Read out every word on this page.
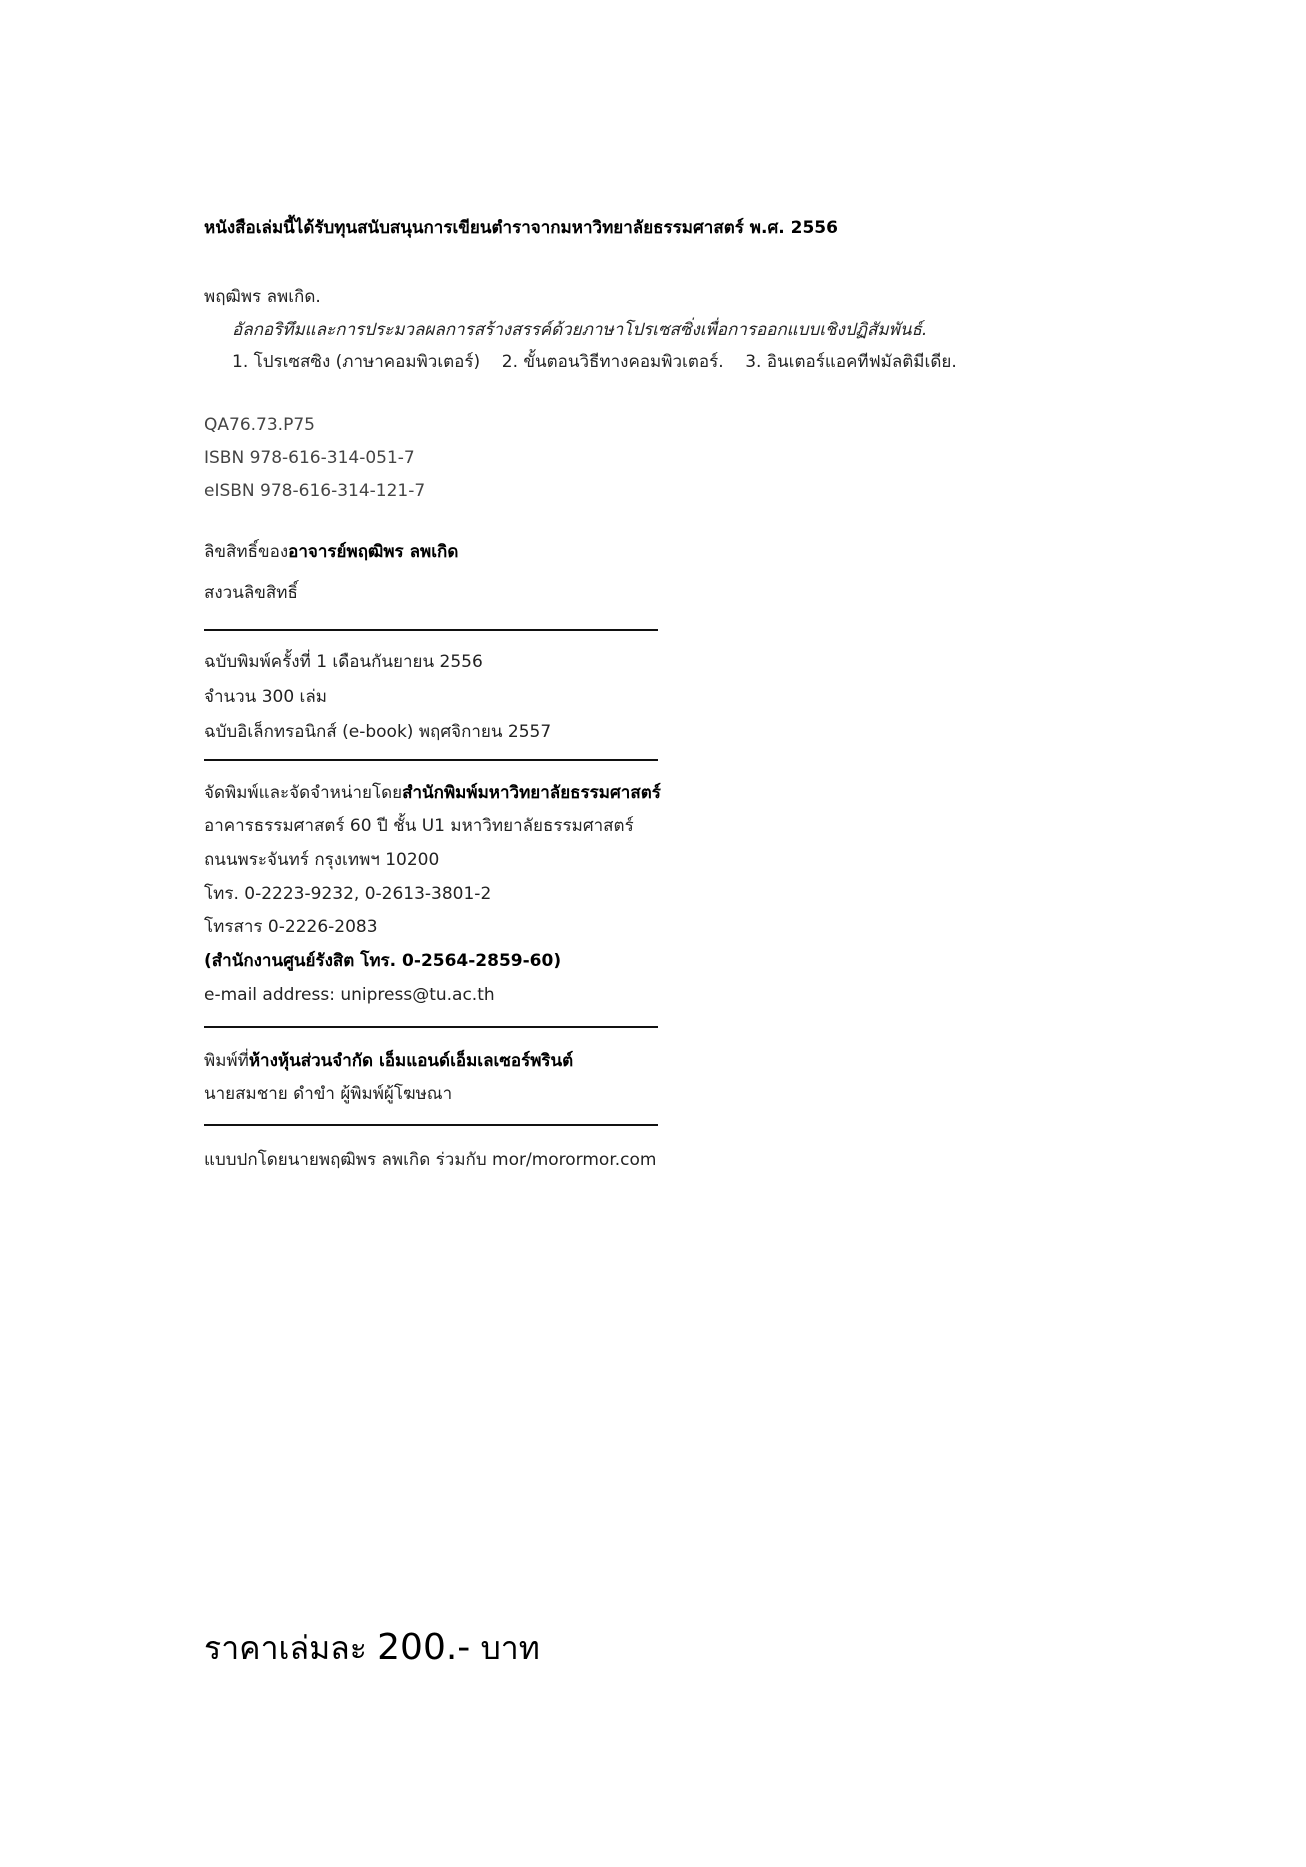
หนังสือเล่มนี้ได้รับทุนสนับสนุนการเขียนตำราจากมหาวิทยาลัยธรรมศาสตร์ พ.ศ. 2556
พฤฒิพร ลพเกิด.
อัลกอริทึมและการประมวลผลการสร้างสรรค์ด้วยภาษาโปรเซสซิ่งเพื่อการออกแบบเชิงปฏิสัมพันธ์.
1. โปรเซสซิง (ภาษาคอมพิวเตอร์)    2. ขั้นตอนวิธีทางคอมพิวเตอร์.    3. อินเตอร์แอคทีฟมัลติมีเดีย.
QA76.73.P75
ISBN 978-616-314-051-7
eISBN 978-616-314-121-7
ลิขสิทธิ์ของอาจารย์พฤฒิพร ลพเกิด
สงวนลิขสิทธิ์
ฉบับพิมพ์ครั้งที่ 1 เดือนกันยายน 2556
จำนวน 300 เล่ม
ฉบับอิเล็กทรอนิกส์ (e-book) พฤศจิกายน 2557
จัดพิมพ์และจัดจำหน่ายโดยสำนักพิมพ์มหาวิทยาลัยธรรมศาสตร์
อาคารธรรมศาสตร์ 60 ปี ชั้น U1 มหาวิทยาลัยธรรมศาสตร์
ถนนพระจันทร์ กรุงเทพฯ 10200
โทร. 0-2223-9232, 0-2613-3801-2
โทรสาร 0-2226-2083
(สำนักงานศูนย์รังสิต โทร. 0-2564-2859-60)
e-mail address: unipress@tu.ac.th
พิมพ์ที่ห้างหุ้นส่วนจำกัด เอ็มแอนด์เอ็มเลเซอร์พรินต์
นายสมชาย ดำขำ ผู้พิมพ์ผู้โฆษณา
แบบปกโดยนายพฤฒิพร ลพเกิด ร่วมกับ mor/morormor.com
ราคาเล่มละ 200.- บาท
